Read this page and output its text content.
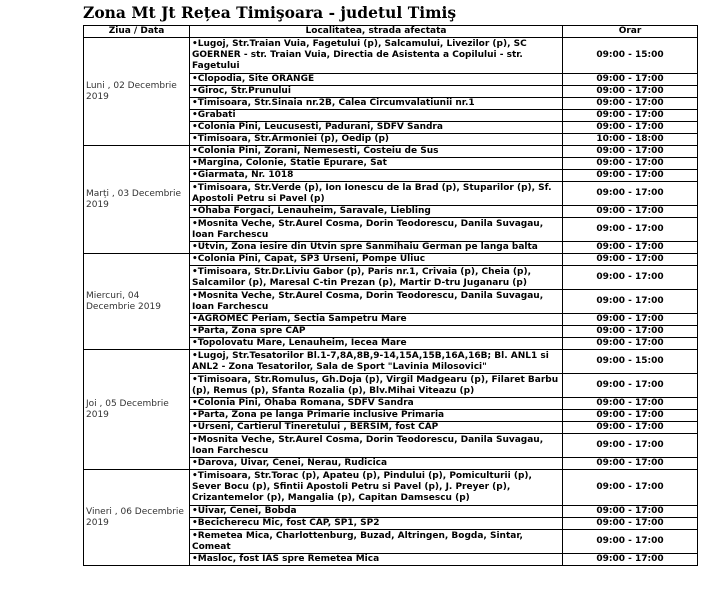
Zona Mt Jt Rețea Timişoara - judetul Timiş
Ziua / Data	Localitatea, strada afectata	Orar
Luni , 02 Decembrie 2019	•Lugoj, Str.Traian Vuia, Fagetului (p), Salcamului, Livezilor (p), SC GOERNER - str. Traian Vuia, Directia de Asistenta a Copilului - str. Fagetului	09:00 - 15:00
	•Clopodia, Site ORANGE	09:00 - 17:00
	•Giroc, Str.Prunului	09:00 - 17:00
	•Timisoara, Str.Sinaia nr.2B, Calea Circumvalatiunii nr.1	09:00 - 17:00
	•Grabati	09:00 - 17:00
	•Colonia Pini, Leucusesti, Padurani, SDFV Sandra	09:00 - 17:00
	•Timisoara, Str.Armoniei (p), Oedip (p)	10:00 - 18:00
Marți , 03 Decembrie 2019	•Colonia Pini, Zorani, Nemesesti, Costeiu de Sus	09:00 - 17:00
	•Margina, Colonie, Statie Epurare, Sat	09:00 - 17:00
	•Giarmata, Nr. 1018	09:00 - 17:00
	•Timisoara, Str.Verde (p), Ion Ionescu de la Brad (p), Stuparilor (p), Sf. Apostoli Petru si Pavel (p)	09:00 - 17:00
	•Ohaba Forgaci, Lenauheim, Saravale, Liebling	09:00 - 17:00
	•Mosnita Veche, Str.Aurel Cosma, Dorin Teodorescu, Danila Suvagau, Ioan Farchescu	09:00 - 17:00
	•Utvin, Zona iesire din Utvin spre Sanmihaiu German pe langa balta	09:00 - 17:00
Miercuri, 04 Decembrie 2019	•Colonia Pini, Capat, SP3 Urseni, Pompe Uliuc	09:00 - 17:00
	•Timisoara, Str.Dr.Liviu Gabor (p), Paris nr.1, Crivaia (p), Cheia (p), Salcamilor (p), Maresal C-tin Prezan (p), Martir D-tru Juganaru (p)	09:00 - 17:00
	•Mosnita Veche, Str.Aurel Cosma, Dorin Teodorescu, Danila Suvagau, Ioan Farchescu	09:00 - 17:00
	•AGROMEC Periam, Sectia Sampetru Mare	09:00 - 17:00
	•Parta, Zona spre CAP	09:00 - 17:00
	•Topolovatu Mare, Lenauheim, Iecea Mare	09:00 - 17:00
Joi , 05 Decembrie 2019	•Lugoj, Str.Tesatorilor Bl.1-7,8A,8B,9-14,15A,15B,16A,16B; Bl. ANL1 si ANL2 - Zona Tesatorilor, Sala de Sport "Lavinia Milosovici"	09:00 - 15:00
	•Timisoara, Str.Romulus, Gh.Doja (p), Virgil Madgearu (p), Filaret Barbu (p), Remus (p), Sfanta Rozalia (p), Blv.Mihai Viteazu (p)	09:00 - 17:00
	•Colonia Pini, Ohaba Romana, SDFV Sandra	09:00 - 17:00
	•Parta, Zona pe langa Primarie inclusive Primaria	09:00 - 17:00
	•Urseni, Cartierul Tineretului , BERSIM, fost CAP	09:00 - 17:00
	•Mosnita Veche, Str.Aurel Cosma, Dorin Teodorescu, Danila Suvagau, Ioan Farchescu	09:00 - 17:00
	•Darova, Uivar, Cenei, Nerau, Rudicica	09:00 - 17:00
Vineri , 06 Decembrie 2019	•Timisoara, Str.Torac (p), Apateu (p), Pindului (p), Pomiculturii (p), Sever Bocu (p), Sfintii Apostoli Petru si Pavel (p), J. Preyer (p), Crizantemelor (p), Mangalia (p), Capitan Damsescu (p)	09:00 - 17:00
	•Uivar, Cenei, Bobda	09:00 - 17:00
	•Becicherecu Mic, fost CAP, SP1, SP2	09:00 - 17:00
	•Remetea Mica, Charlottenburg, Buzad, Altringen, Bogda, Sintar, Comeat	09:00 - 17:00
	•Masloc, fost IAS spre Remetea Mica	09:00 - 17:00
